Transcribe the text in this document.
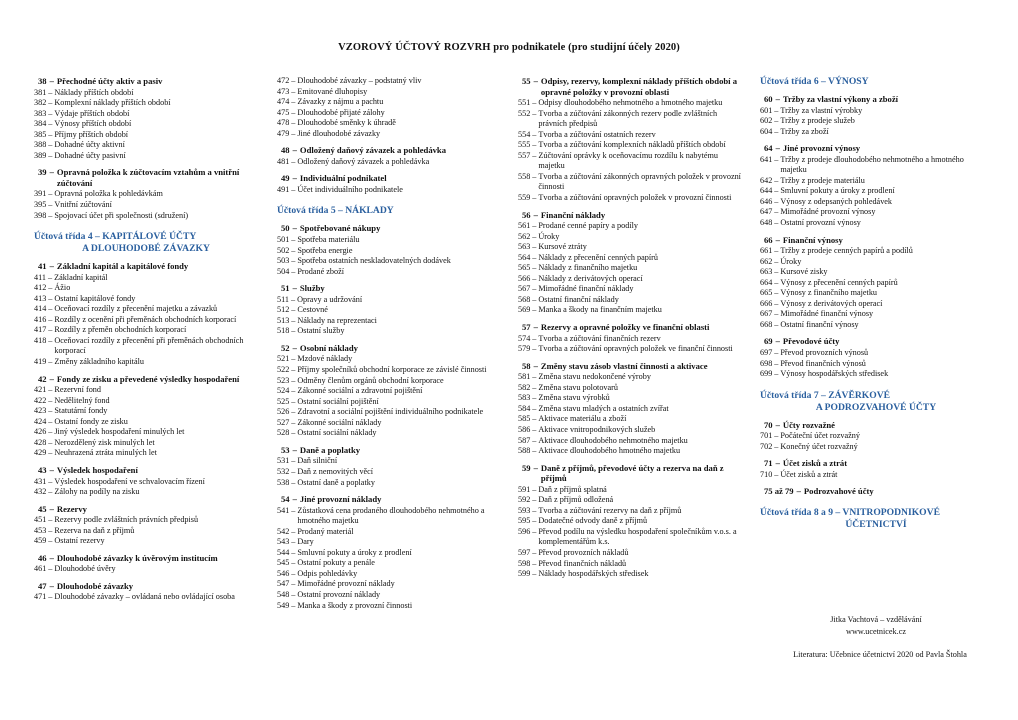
VZOROVÝ ÚČTOVÝ ROZVRH pro podnikatele (pro studijní účely 2020)
38 – Přechodné účty aktiv a pasiv
381 – Náklady příštích období
382 – Komplexní náklady příštích období
383 – Výdaje příštích období
384 – Výnosy příštích období
385 – Příjmy příštích období
388 – Dohadné účty aktivní
389 – Dohadné účty pasivní
39 – Opravná položka k zúčtovacím vztahům a vnitřní zúčtování
391 – Opravná položka k pohledávkám
395 – Vnitřní zúčtování
398 – Spojovací účet při společnosti (sdružení)
Účtová třída 4 – KAPITÁLOVÉ ÚČTY
A DLOUHODOBÉ ZÁVAZKY
41 – Základní kapitál a kapitálové fondy
411 – Základní kapitál
412 – Ážio
413 – Ostatní kapitálové fondy
414 – Oceňovací rozdíly z přecenění majetku a závazků
416 – Rozdíly z ocenění při přeměnách obchodních korporací
417 – Rozdíly z přeměn obchodních korporací
418 – Oceňovací rozdíly z přecenění při přeměnách obchodních korporací
419 – Změny základního kapitálu
42 – Fondy ze zisku a převedené výsledky hospodaření
421 – Rezervní fond
422 – Nedělitelný fond
423 – Statutární fondy
424 – Ostatní fondy ze zisku
426 – Jiný výsledek hospodaření minulých let
428 – Nerozdělený zisk minulých let
429 – Neuhrazená ztráta minulých let
43 – Výsledek hospodaření
431 – Výsledek hospodaření ve schvalovacím řízení
432 – Zálohy na podíly na zisku
45 – Rezervy
451 – Rezervy podle zvláštních právních předpisů
453 – Rezerva na daň z příjmů
459 – Ostatní rezervy
46 – Dlouhodobé závazky k úvěrovým institucím
461 – Dlouhodobé úvěry
47 – Dlouhodobé závazky
471 – Dlouhodobé závazky – ovládaná nebo ovládající osoba
472 – Dlouhodobé závazky – podstatný vliv
473 – Emitované dluhopisy
474 – Závazky z nájmu a pachtu
475 – Dlouhodobé přijaté zálohy
478 – Dlouhodobé směnky k úhradě
479 – Jiné dlouhodobé závazky
48 – Odložený daňový závazek a pohledávka
481 – Odložený daňový závazek a pohledávka
49 – Individuální podnikatel
491 – Účet individuálního podnikatele
Účtová třída 5 – NÁKLADY
50 – Spotřebované nákupy
501 – Spotřeba materiálu
502 – Spotřeba energie
503 – Spotřeba ostatních neskladovatelných dodávek
504 – Prodané zboží
51 – Služby
511 – Opravy a udržování
512 – Cestovné
513 – Náklady na reprezentaci
518 – Ostatní služby
52 – Osobní náklady
521 – Mzdové náklady
522 – Příjmy společníků obchodní korporace ze závislé činnosti
523 – Odměny členům orgánů obchodní korporace
524 – Zákonné sociální a zdravotní pojištění
525 – Ostatní sociální pojištění
526 – Zdravotní a sociální pojištění individuálního podnikatele
527 – Zákonné sociální náklady
528 – Ostatní sociální náklady
53 – Daně a poplatky
531 – Daň silniční
532 – Daň z nemovitých věcí
538 – Ostatní daně a poplatky
54 – Jiné provozní náklady
541 – Zůstatková cena prodaného dlouhodobého nehmotného a hmotného majetku
542 – Prodaný materiál
543 – Dary
544 – Smluvní pokuty a úroky z prodlení
545 – Ostatní pokuty a penále
546 – Odpis pohledávky
547 – Mimořádné provozní náklady
548 – Ostatní provozní náklady
549 – Manka a škody z provozní činnosti
55 – Odpisy, rezervy, komplexní náklady příštích období a opravné položky v provozní oblasti
551 – Odpisy dlouhodobého nehmotného a hmotného majetku
552 – Tvorba a zúčtování zákonných rezerv podle zvláštních právních předpisů
554 – Tvorba a zúčtování ostatních rezerv
555 – Tvorba a zúčtování komplexních nákladů příštích období
557 – Zúčtování oprávky k oceňovacímu rozdílu k nabytému majetku
558 – Tvorba a zúčtování zákonných opravných položek v provozní činnosti
559 – Tvorba a zúčtování opravných položek v provozní činnosti
56 – Finanční náklady
561 – Prodané cenné papíry a podíly
562 – Úroky
563 – Kursové ztráty
564 – Náklady z přecenění cenných papírů
565 – Náklady z finančního majetku
566 – Náklady z derivátových operací
567 – Mimořádné finanční náklady
568 – Ostatní finanční náklady
569 – Manka a škody na finančním majetku
57 – Rezervy a opravné položky ve finanční oblasti
574 – Tvorba a zúčtování finančních rezerv
579 – Tvorba a zúčtování opravných položek ve finanční činnosti
58 – Změny stavu zásob vlastní činnosti a aktivace
581 – Změna stavu nedokončené výroby
582 – Změna stavu polotovarů
583 – Změna stavu výrobků
584 – Změna stavu mladých a ostatních zvířat
585 – Aktivace materiálu a zboží
586 – Aktivace vnitropodnikových služeb
587 – Aktivace dlouhodobého nehmotného majetku
588 – Aktivace dlouhodobého hmotného majetku
59 – Daně z příjmů, převodové účty a rezerva na daň z příjmů
591 – Daň z příjmů splatná
592 – Daň z příjmů odložená
593 – Tvorba a zúčtování rezervy na daň z příjmů
595 – Dodatečné odvody daně z příjmů
596 – Převod podílu na výsledku hospodaření společníkům v.o.s. a komplementářům k.s.
597 – Převod provozních nákladů
598 – Převod finančních nákladů
599 – Náklady hospodářských středisek
Účtová třída 6 – VÝNOSY
60 – Tržby za vlastní výkony a zboží
601 – Tržby za vlastní výrobky
602 – Tržby z prodeje služeb
604 – Tržby za zboží
64 – Jiné provozní výnosy
641 – Tržby z prodeje dlouhodobého nehmotného a hmotného majetku
642 – Tržby z prodeje materiálu
644 – Smluvní pokuty a úroky z prodlení
646 – Výnosy z odepsaných pohledávek
647 – Mimořádné provozní výnosy
648 – Ostatní provozní výnosy
66 – Finanční výnosy
661 – Tržby z prodeje cenných papírů a podílů
662 – Úroky
663 – Kursové zisky
664 – Výnosy z přecenění cenných papírů
665 – Výnosy z finančního majetku
666 – Výnosy z derivátových operací
667 – Mimořádné finanční výnosy
668 – Ostatní finanční výnosy
69 – Převodové účty
697 – Převod provozních výnosů
698 – Převod finančních výnosů
699 – Výnosy hospodářských středisek
Účtová třída 7 – ZÁVĚRKOVÉ
A PODROZVAHOVÉ ÚČTY
70 – Účty rozvažné
701 – Počáteční účet rozvažný
702 – Konečný účet rozvažný
71 – Účet zisků a ztrát
710 – Účet zisků a ztrát
75 až 79 – Podrozvahové účty
Účtová třída 8 a 9 – VNITROPODNIKOVÉ
ÚČETNICTVÍ
Jitka Vachtová – vzdělávání
www.ucetnicek.cz
Literatura: Učebnice účetnictví 2020 od Pavla Štohla
